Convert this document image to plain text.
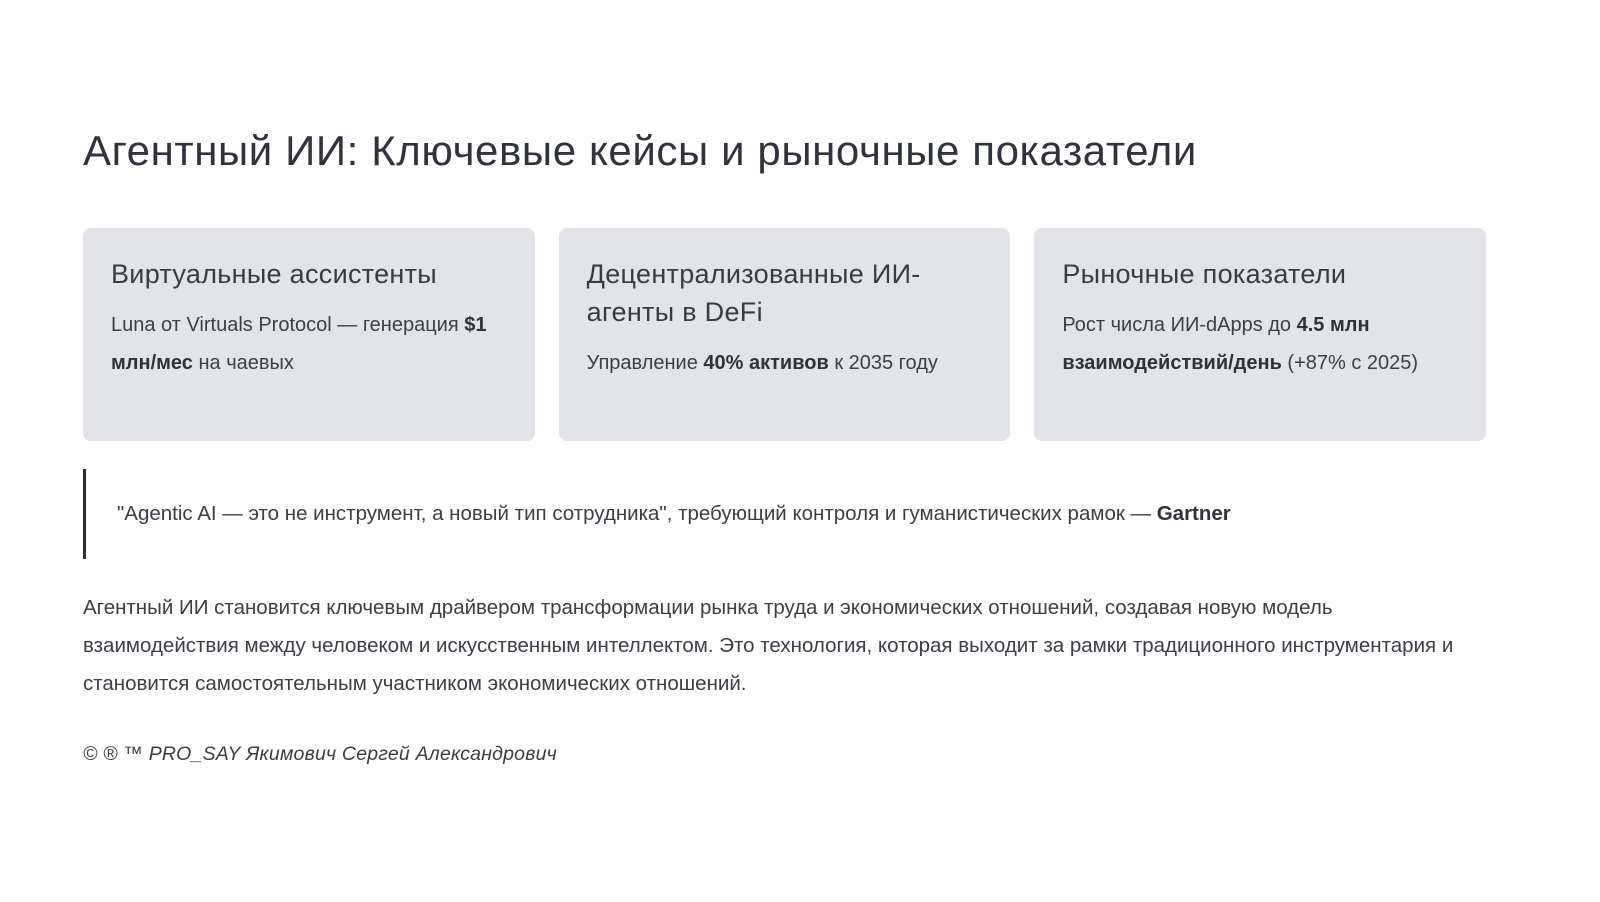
Агентный ИИ: Ключевые кейсы и рыночные показатели
Виртуальные ассистенты

Luna от Virtuals Protocol — генерация $1 млн/мес на чаевых

Децентрализованные ИИ-агенты в DeFi

Управление 40% активов к 2035 году

Рыночные показатели

Рост числа ИИ-dApps до 4.5 млн взаимодействий/день (+87% с 2025)

"Agentic AI — это не инструмент, а новый тип сотрудника", требующий контроля и гуманистических рамок — Gartner

Агентный ИИ становится ключевым драйвером трансформации рынка труда и экономических отношений, создавая новую модель взаимодействия между человеком и искусственным интеллектом. Это технология, которая выходит за рамки традиционного инструментария и становится самостоятельным участником экономических отношений.

© ® ™ PRO_SAY Якимович Сергей Александрович
